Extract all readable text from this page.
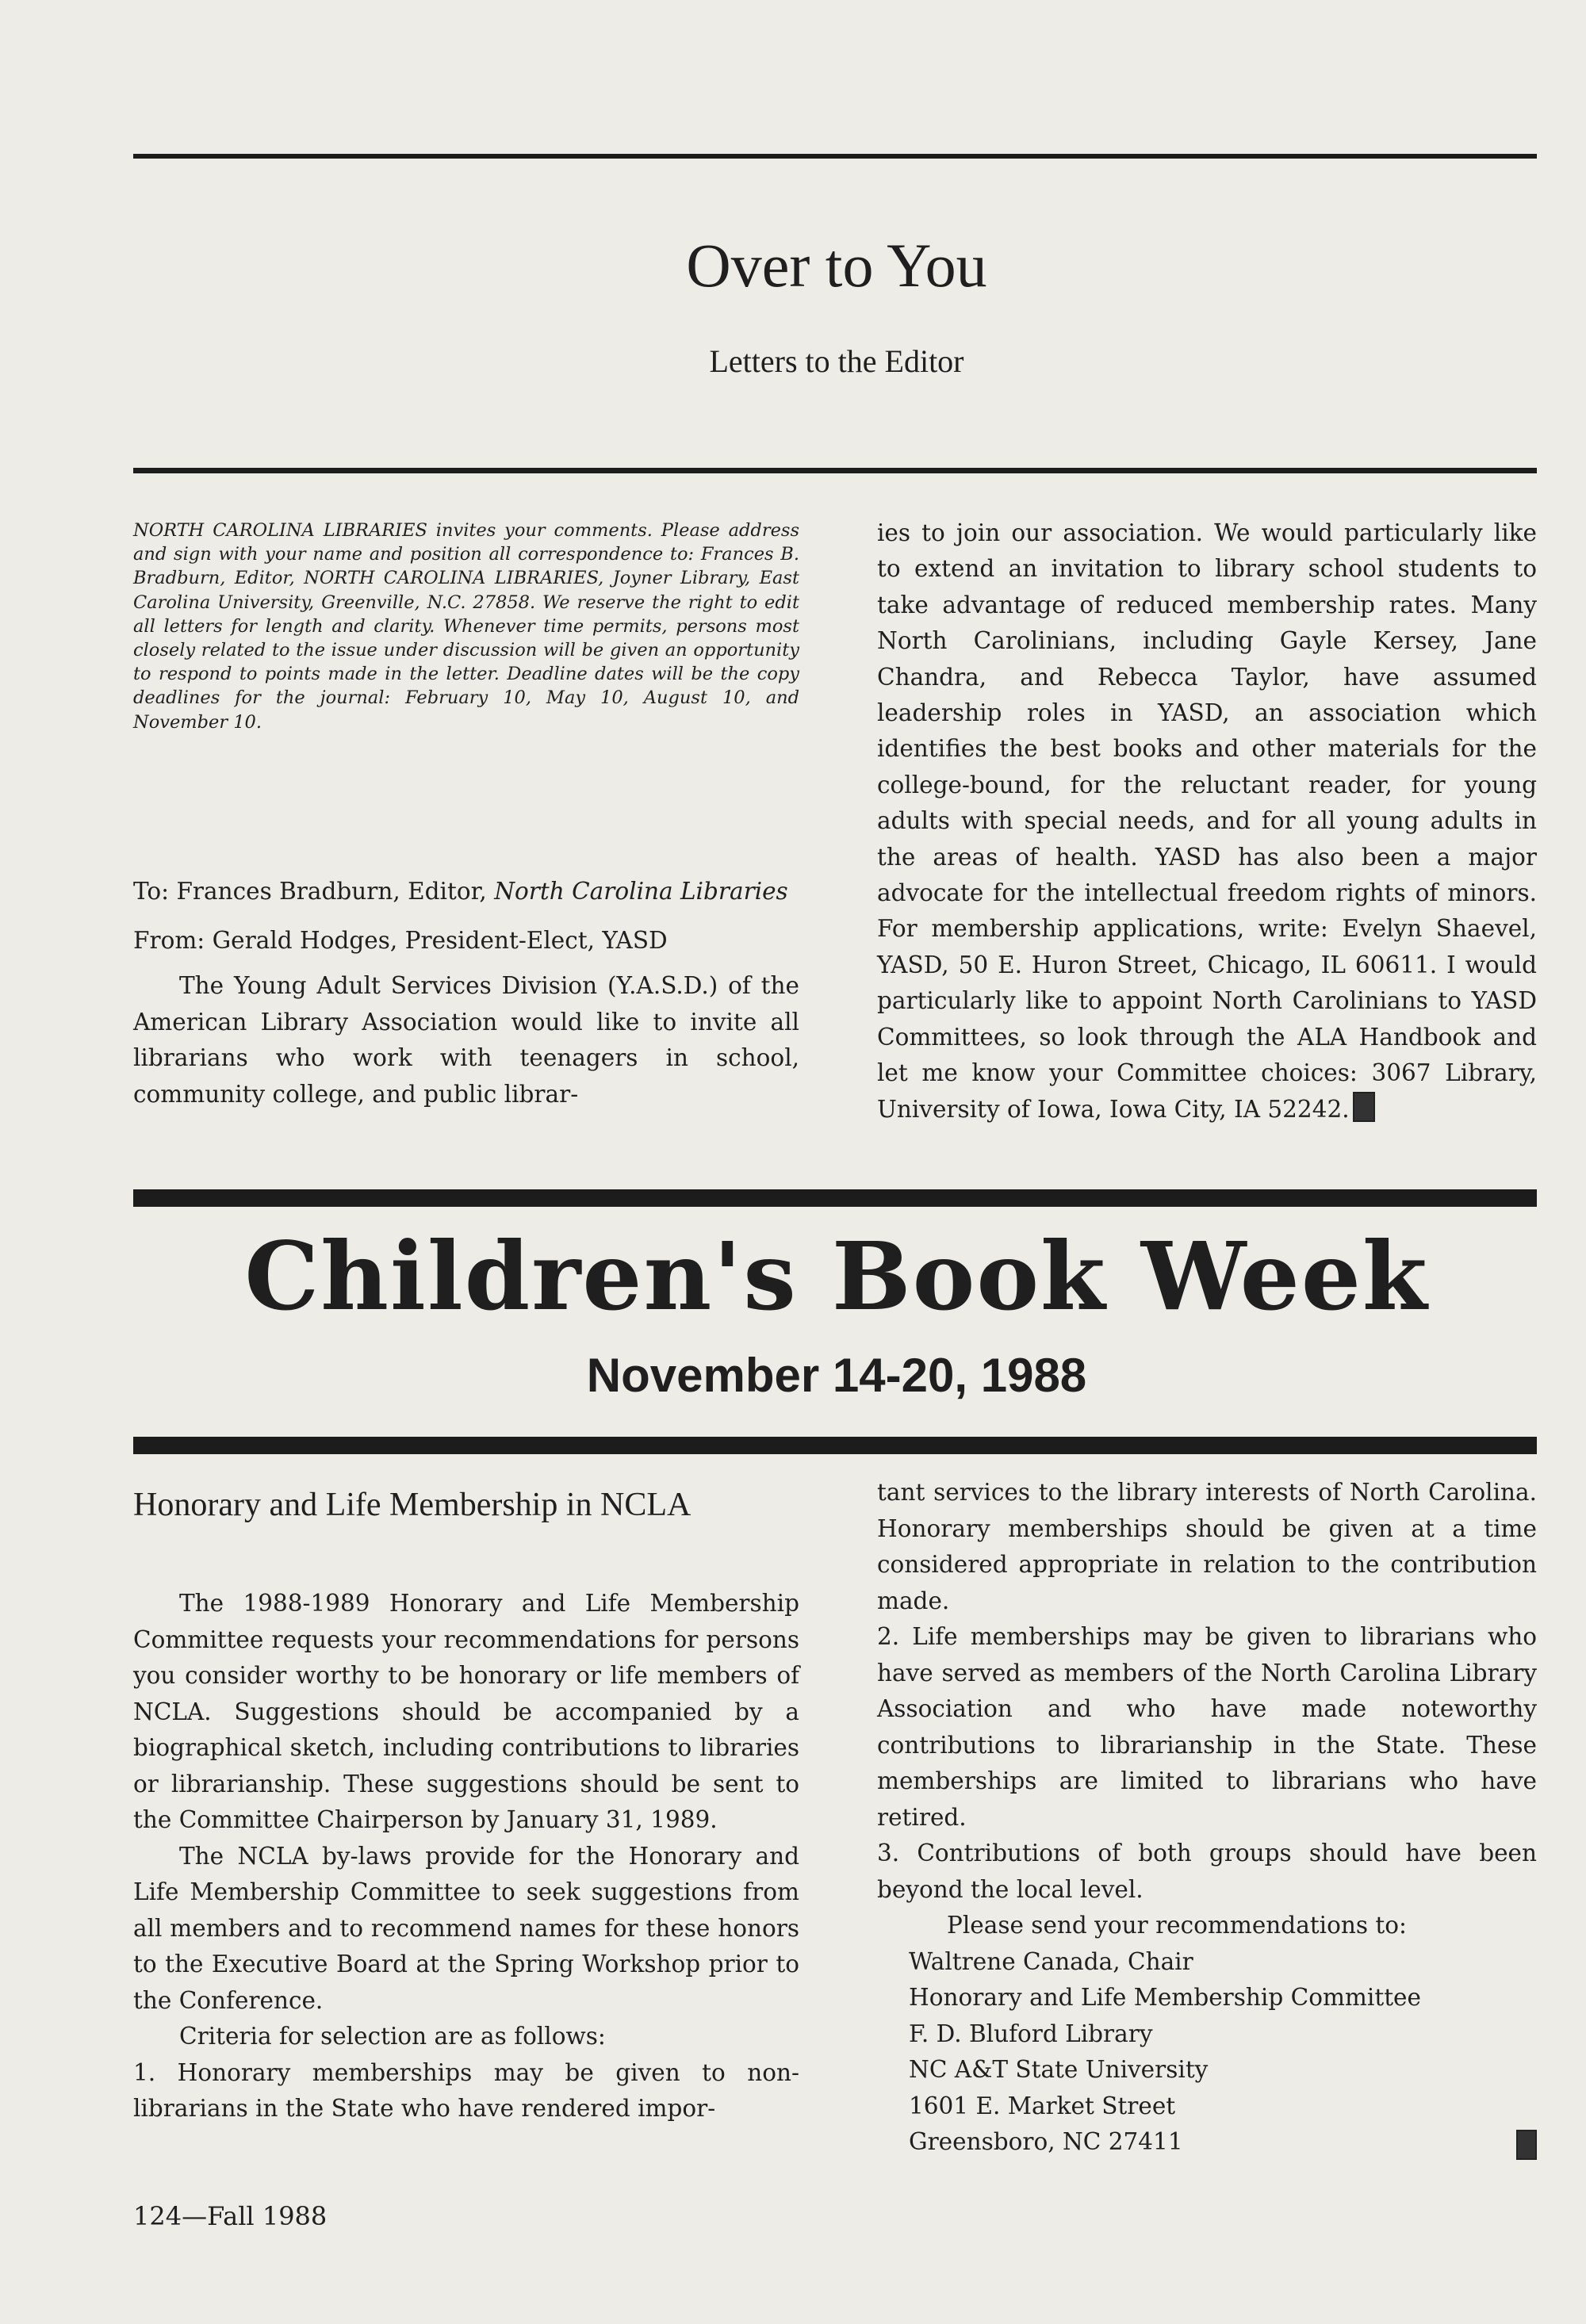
Over to You
Letters to the Editor
NORTH CAROLINA LIBRARIES invites your comments. Please address and sign with your name and position all correspondence to: Frances B. Bradburn, Editor, NORTH CAROLINA LIBRARIES, Joyner Library, East Carolina University, Greenville, N.C. 27858. We reserve the right to edit all letters for length and clarity. Whenever time permits, persons most closely related to the issue under discussion will be given an opportunity to respond to points made in the letter. Deadline dates will be the copy deadlines for the journal: February 10, May 10, August 10, and November 10.

To: Frances Bradburn, Editor, North Carolina Libraries

From: Gerald Hodges, President-Elect, YASD

The Young Adult Services Division (Y.A.S.D.) of the American Library Association would like to invite all librarians who work with teenagers in school, community college, and public librar-

ies to join our association. We would particularly like to extend an invitation to library school students to take advantage of reduced membership rates. Many North Carolinians, including Gayle Kersey, Jane Chandra, and Rebecca Taylor, have assumed leadership roles in YASD, an association which identifies the best books and other materials for the college-bound, for the reluctant reader, for young adults with special needs, and for all young adults in the areas of health. YASD has also been a major advocate for the intellectual freedom rights of minors. For membership applications, write: Evelyn Shaevel, YASD, 50 E. Huron Street, Chicago, IL 60611. I would particularly like to appoint North Carolinians to YASD Committees, so look through the ALA Handbook and let me know your Committee choices: 3067 Library, University of Iowa, Iowa City, IA 52242.
Children's Book Week
November 14-20, 1988
Honorary and Life Membership in NCLA

The 1988-1989 Honorary and Life Membership Committee requests your recommendations for persons you consider worthy to be honorary or life members of NCLA. Suggestions should be accompanied by a biographical sketch, including contributions to libraries or librarianship. These suggestions should be sent to the Committee Chairperson by January 31, 1989.

The NCLA by-laws provide for the Honorary and Life Membership Committee to seek suggestions from all members and to recommend names for these honors to the Executive Board at the Spring Workshop prior to the Conference.

Criteria for selection are as follows:

1. Honorary memberships may be given to non-librarians in the State who have rendered impor-

tant services to the library interests of North Carolina. Honorary memberships should be given at a time considered appropriate in relation to the contribution made.

2. Life memberships may be given to librarians who have served as members of the North Carolina Library Association and who have made noteworthy contributions to librarianship in the State. These memberships are limited to librarians who have retired.

3. Contributions of both groups should have been beyond the local level.

Please send your recommendations to:

Waltrene Canada, Chair
Honorary and Life Membership Committee
F. D. Bluford Library
NC A&T State University
1601 E. Market Street
Greensboro, NC 27411
124—Fall 1988
